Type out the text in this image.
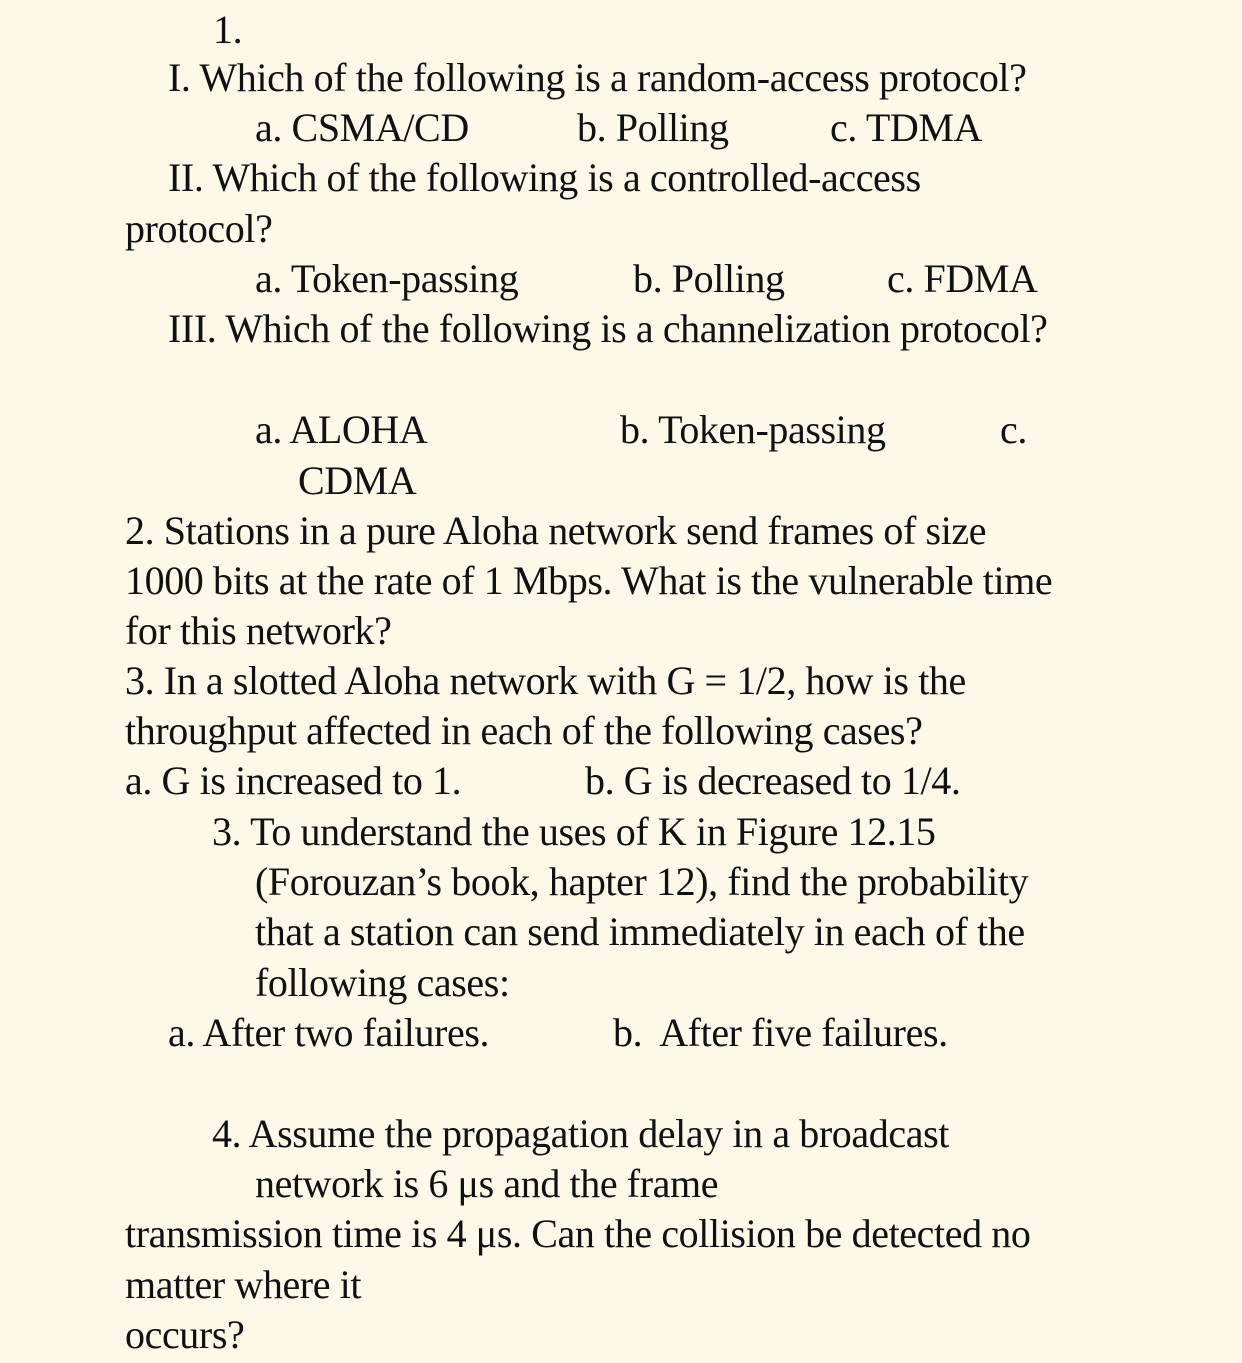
1.
I. Which of the following is a random-access protocol?
a. CSMA/CD	b. Polling	c. TDMA
II. Which of the following is a controlled-access
protocol?
a. Token-passing	b. Polling	c. FDMA
III. Which of the following is a channelization protocol?
a. ALOHA	b. Token-passing	c.
CDMA
2. Stations in a pure Aloha network send frames of size
1000 bits at the rate of 1 Mbps. What is the vulnerable time
for this network?
3. In a slotted Aloha network with G = 1/2, how is the
throughput affected in each of the following cases?
a. G is increased to 1.	b. G is decreased to 1/4.
3. To understand the uses of K in Figure 12.15
(Forouzan’s book, hapter 12), find the probability
that a station can send immediately in each of the
following cases:
a. After two failures.	b.  After five failures.
4. Assume the propagation delay in a broadcast
network is 6 μs and the frame
transmission time is 4 μs. Can the collision be detected no
matter where it
occurs?
